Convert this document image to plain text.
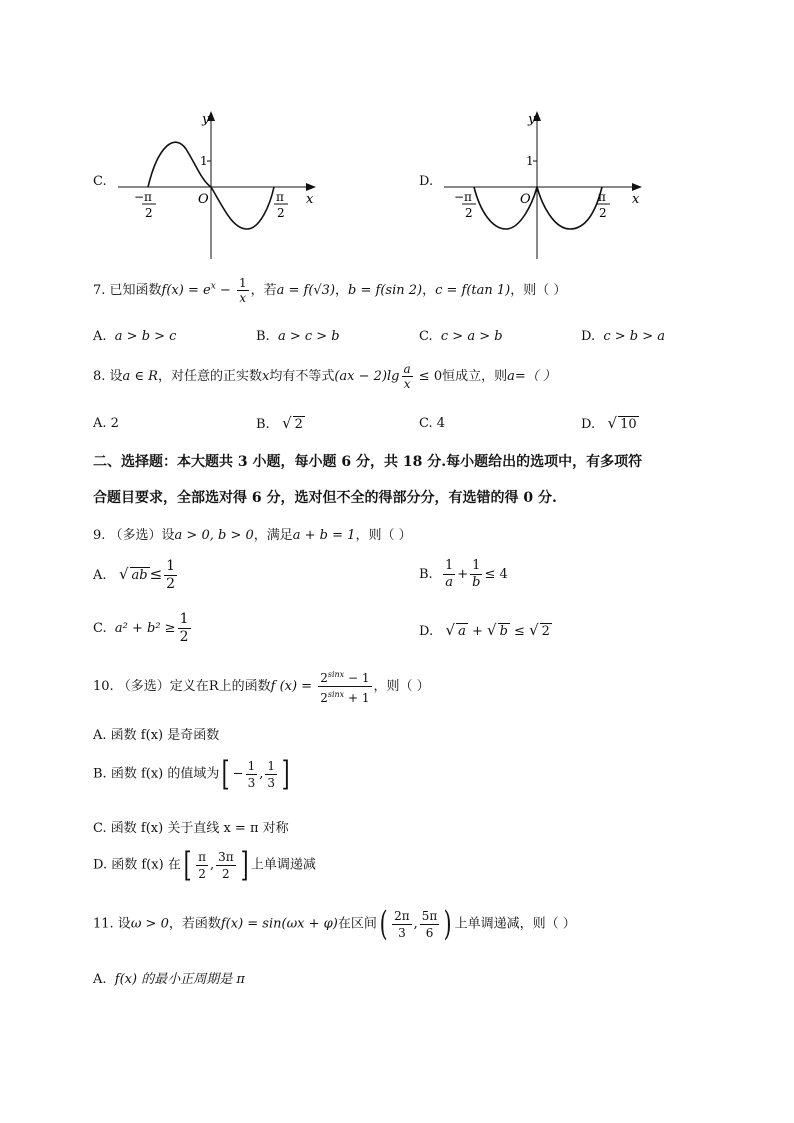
C.
y
x
1
O
− π
2
π
2
D.
y
x
1
O
− π
2
π
2
7. 已知函数$f(x) = e^x - \frac{1}{x}$ ，若a = f(√3)，b = f(sin 2)，c = f(tan 1)，则（ ）
A. a > b > c	B. a > c > b	C. c > a > b	D. c > b > a
8. 设a ∈ R，对任意的正实数x均有不等式$(ax - 2)\lg \frac{a}{x} \le 0$恒成立，则a=（ ）
A. 2	B. √ 2	C. 4	D. √ 10
二、选择题：本大题共 3 小题，每小题 6 分，共 18 分.每小题给出的选项中，有多项符
合题目要求，全部选对得 6 分，选对但不全的得部分分，有选错的得 0 分.
9. （多选）设a > 0, b > 0，满足a + b = 1，则（ ）
A. √ ab ≤ $\frac{1}{2}$	B. $\frac{1}{a} + \frac{1}{b} \le 4$
C. $a^2 + b^2 \ge \frac{1}{2}$	D. √ a + √ b ≤ √ 2
10. （多选）定义在R上的函数f $(x) = \frac{2^{sinx} - 1}{2^{sinx} + 1}$ ，则（ ）
A. 函数 f(x) 是奇函数
B. 函数 f(x) 的值域为[ − $\frac{1}{3}$ , $\frac{1}{3}$ ]
C. 函数 f(x) 关于直线 x = π 对称
D. 函数 f(x) 在[ $\frac{\pi}{2}$ , $\frac{3\pi}{2}$ ] 上单调递减
11. 设ω > 0，若函数f(x) = sin(ωx + φ)在区间( $\frac{2\pi}{3}$ , $\frac{5\pi}{6}$ ) 上单调递减，则（ ）
A. f(x) 的最小正周期是 π
